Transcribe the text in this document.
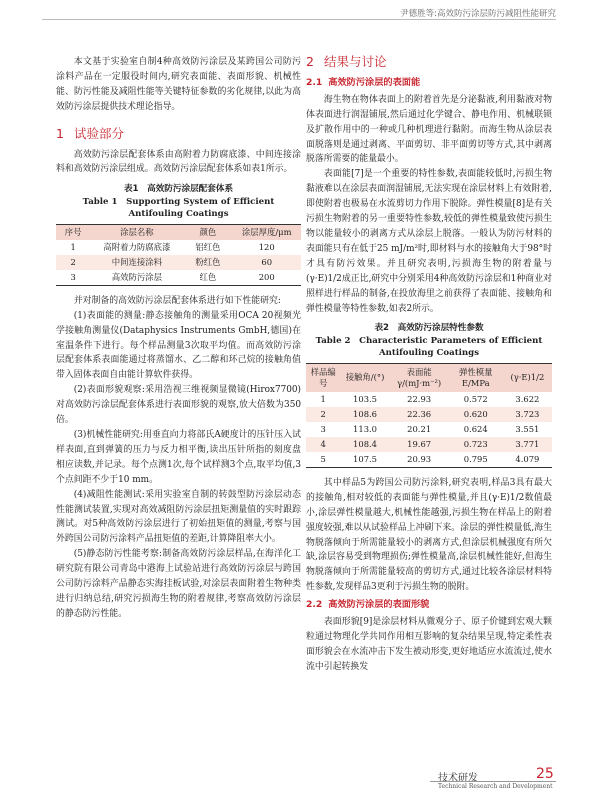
尹德胜等:高效防污涂层防污减阻性能研究

本文基于实验室自制4种高效防污涂层及某跨国公司防污涂料产品在一定服役时间内,研究表面能、表面形貌、机械性能、防污性能及减阻性能等关键特征参数的劣化规律,以此为高效防污涂层提供技术理论指导。

1 试验部分

高效防污涂层配套体系由高附着力防腐底漆、中间连接涂料和高效防污涂层组成。高效防污涂层配套体系如表1所示。

表1　高效防污涂层配套体系
Table 1　Supporting System of Efficient Antifouling Coatings
序号	涂层名称	颜色	涂层厚度/μm
1	高附着力防腐底漆	铝红色	120
2	中间连接涂料	粉红色	60
3	高效防污涂层	红色	200

并对制备的高效防污涂层配套体系进行如下性能研究:

(1)表面能的测量:静态接触角的测量采用OCA 20视频光学接触角测量仪(Dataphysics Instruments GmbH,德国)在室温条件下进行。每个样品测量3次取平均值。而高效防污涂层配套体系表面能通过将蒸馏水、乙二醇和环己烷的接触角值带入固体表面自由能计算软件获得。

(2)表面形貌观察:采用浩视三维视频显微镜(Hirox7700)对高效防污涂层配套体系进行表面形貌的观察,放大倍数为350倍。

(3)机械性能研究:用垂直向力将部氏A硬度计的压针压入试样表面,直到弹簧的压力与反力相平衡,读出压针所指的刻度盘相应读数,并记录。每个点测1次,每个试样测3个点,取平均值,3个点间距不少于10 mm。

(4)减阻性能测试:采用实验室自制的转鼓型防污涂层动态性能测试装置,实现对高效减阻防污涂层扭矩测量值的实时跟踪测试。对5种高效防污涂层进行了初始扭矩值的测量,考察与国外跨国公司防污涂料产品扭矩值的差距,计算降阻率大小。

(5)静态防污性能考察:制备高效防污涂层样品,在海洋化工研究院有限公司青岛中港海上试验站进行高效防污涂层与跨国公司防污涂料产品静态实海挂板试验,对涂层表面附着生物种类进行归纳总结,研究污损海生物的附着规律,考察高效防污涂层的静态防污性能。

2 结果与讨论
2.1 高效防污涂层的表面能

海生物在物体表面上的附着首先是分泌黏液,利用黏液对物体表面进行润湿铺展,然后通过化学键合、静电作用、机械联锁及扩散作用中的一种或几种机理进行黏附。而海生物从涂层表面脱落则是通过剥离、平面剪切、非平面剪切等方式,其中剥离脱落所需要的能量最小。

表面能[7]是一个重要的特性参数,表面能较低时,污损生物黏液难以在涂层表面润湿铺展,无法实现在涂层材料上有效附着,即使附着也极易在水流剪切力作用下脱除。弹性模量[8]是有关污损生物附着的另一重要特性参数,较低的弹性模量致使污损生物以能量较小的剥离方式从涂层上脱落。一般认为防污材料的表面能只有在低于25 mJ/m²时,即材料与水的接触角大于98°时才具有防污效果。并且研究表明,污损海生物的附着量与(γ·E)1/2成正比,研究中分别采用4种高效防污涂层和1种商业对照样进行样品的制备,在投放海里之前获得了表面能、接触角和弹性模量等特性参数,如表2所示。

表2　高效防污涂层特性参数
Table 2　Characteristic Parameters of Efficient Antifouling Coatings
样品编号	接触角/(°)	表面能γ/(mJ·m⁻²)	弹性模量E/MPa	(γ·E)1/2
1	103.5	22.93	0.572	3.622
2	108.6	22.36	0.620	3.723
3	113.0	20.21	0.624	3.551
4	108.4	19.67	0.723	3.771
5	107.5	20.93	0.795	4.079

其中样品5为跨国公司防污涂料,研究表明,样品3具有最大的接触角,相对较低的表面能与弹性模量,并且(γ·E)1/2数值最小,涂层弹性模量越大,机械性能越强,污损生物在样品上的附着强度较强,难以从试验样品上冲刷下来。涂层的弹性模量低,海生物脱落倾向于所需能量较小的剥离方式,但涂层机械强度有所欠缺,涂层容易受到物理损伤;弹性模量高,涂层机械性能好,但海生物脱落倾向于所需能量较高的剪切方式,通过比较各涂层材料特性参数,发现样品3更利于污损生物的脱附。

2.2 高效防污涂层的表面形貌

表面形貌[9]是涂层材料从微观分子、原子价键到宏观大颗粒通过物理化学共同作用相互影响的复杂结果呈现,特定柔性表面形貌会在水流冲击下发生被动形变,更好地适应水流流过,使水流中引起转换发

技术研发
Technical Research and Development
25
